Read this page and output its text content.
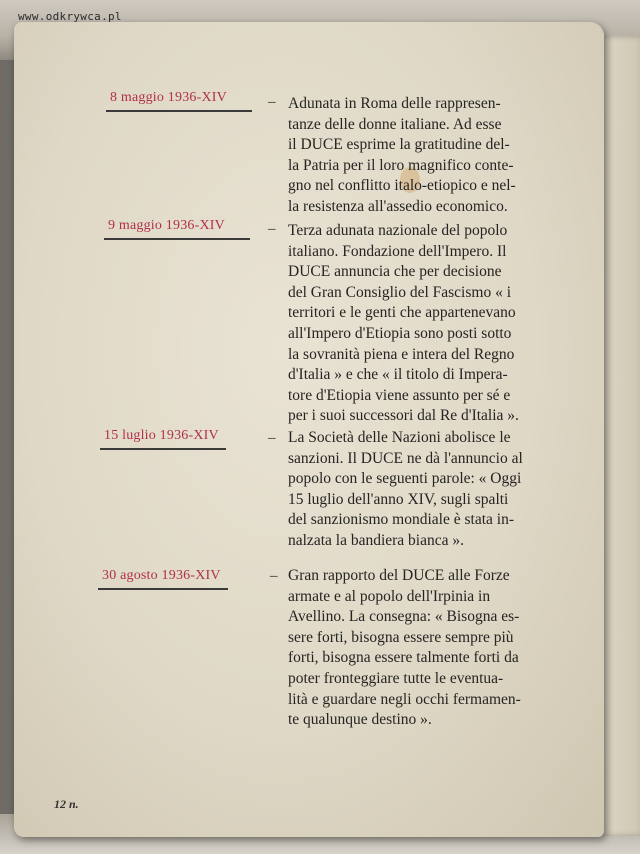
8 maggio 1936-XIV	– Adunata in Roma delle rappresen-
tanze delle donne italiane. Ad esse
il DUCE esprime la gratitudine del-
la Patria per il loro magnifico conte-
gno nel conflitto italo-etiopico e nel-
la resistenza all'assedio economico.
9 maggio 1936-XIV	– Terza adunata nazionale del popolo
italiano. Fondazione dell'Impero. Il
DUCE annuncia che per decisione
del Gran Consiglio del Fascismo « i
territori e le genti che appartenevano
all'Impero d'Etiopia sono posti sotto
la sovranità piena e intera del Regno
d'Italia » e che « il titolo di Impera-
tore d'Etiopia viene assunto per sé e
per i suoi successori dal Re d'Italia ».
15 luglio 1936-XIV	– La Società delle Nazioni abolisce le
sanzioni. Il DUCE ne dà l'annuncio al
popolo con le seguenti parole: « Oggi
15 luglio dell'anno XIV, sugli spalti
del sanzionismo mondiale è stata in-
nalzata la bandiera bianca ».
30 agosto 1936-XIV	– Gran rapporto del DUCE alle Forze
armate e al popolo dell'Irpinia in
Avellino. La consegna: « Bisogna es-
sere forti, bisogna essere sempre più
forti, bisogna essere talmente forti da
poter fronteggiare tutte le eventua-
lità e guardare negli occhi fermamen-
te qualunque destino ».
12 n.
www.odkrywca.pl
